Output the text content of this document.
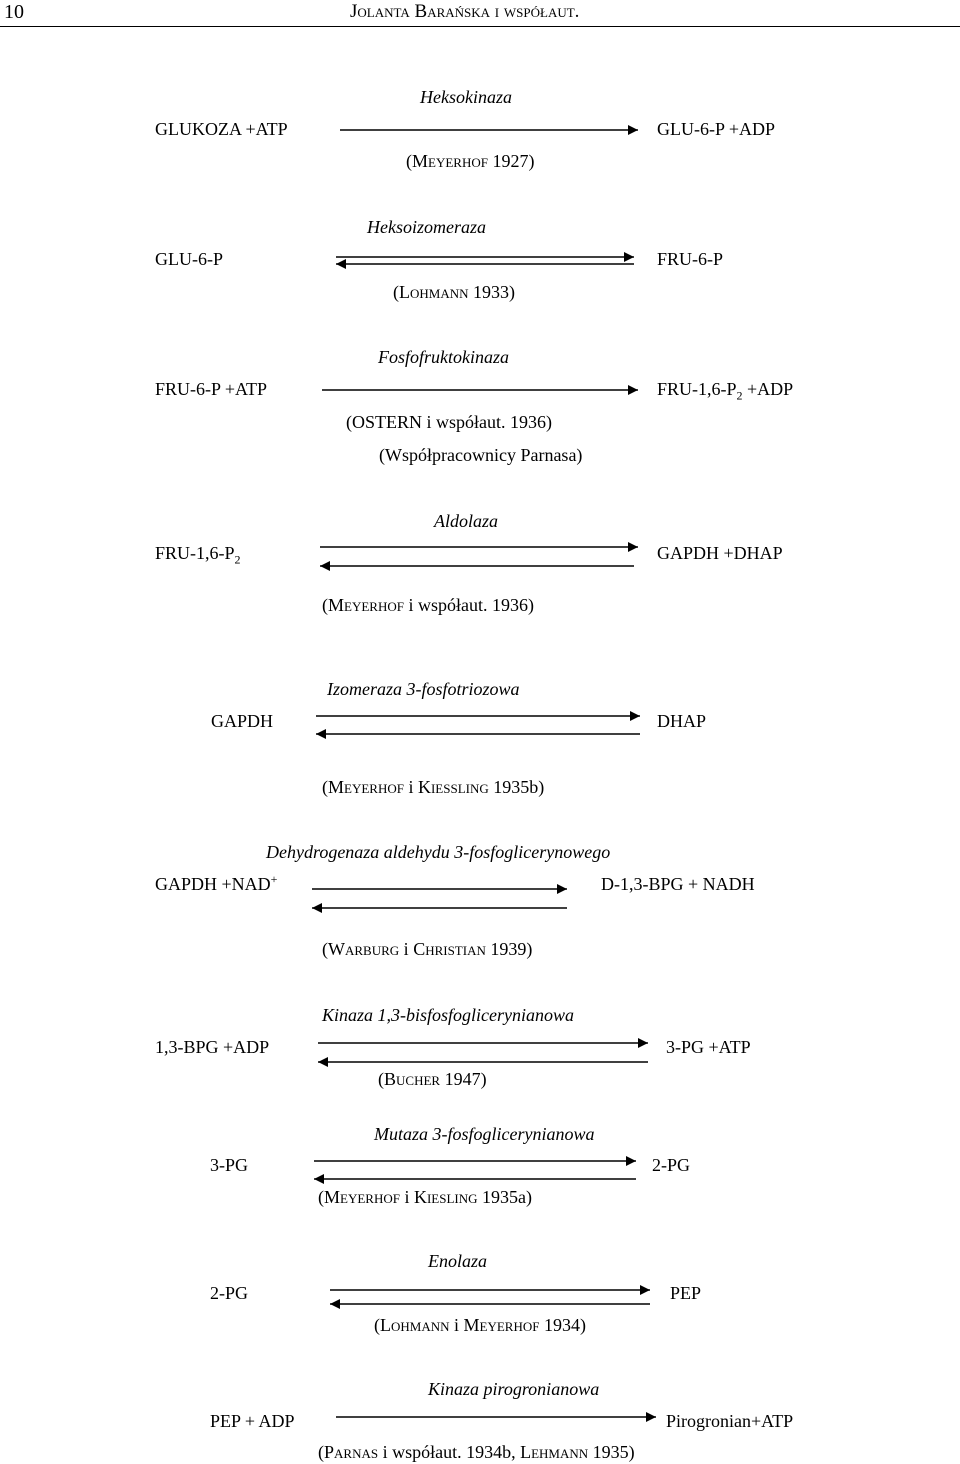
10	Jolanta Barańska i współaut.
Heksokinaza
GLUKOZA +ATP	GLU-6-P +ADP
(Meyerhof 1927)
Heksoizomeraza
GLU-6-P	FRU-6-P
(Lohmann 1933)
Fosfofruktokinaza
FRU-6-P +ATP	FRU-$1,6-P_2 +ADP$
(OSTERN i współaut. 1936)
(Współpracownicy Parnasa)
Aldolaza
FRU-$1,6-P_2$	GAPDH +DHAP
(Meyerhof i współaut. 1936)
Izomeraza 3-fosfotriozowa
GAPDH	DHAP
(Meyerhof i Kiessling 1935b)
Dehydrogenaza aldehydu 3-fosfoglicerynowego
GAPDH +NAD+	D-1,3-BPG + NADH
(Warburg i Christian 1939)
Kinaza 1,3-bisfosfoglicerynianowa
1,3-BPG +ADP	3-PG +ATP
(Bucher 1947)
Mutaza 3-fosfoglicerynianowa
3-PG	2-PG
(Meyerhof i Kiesling 1935a)
Enolaza
2-PG	PEP
(Lohmann i Meyerhof 1934)
Kinaza pirogronianowa
PEP + ADP	Pirogronian+ATP
(Parnas i współaut. 1934b, Lehmann 1935)
